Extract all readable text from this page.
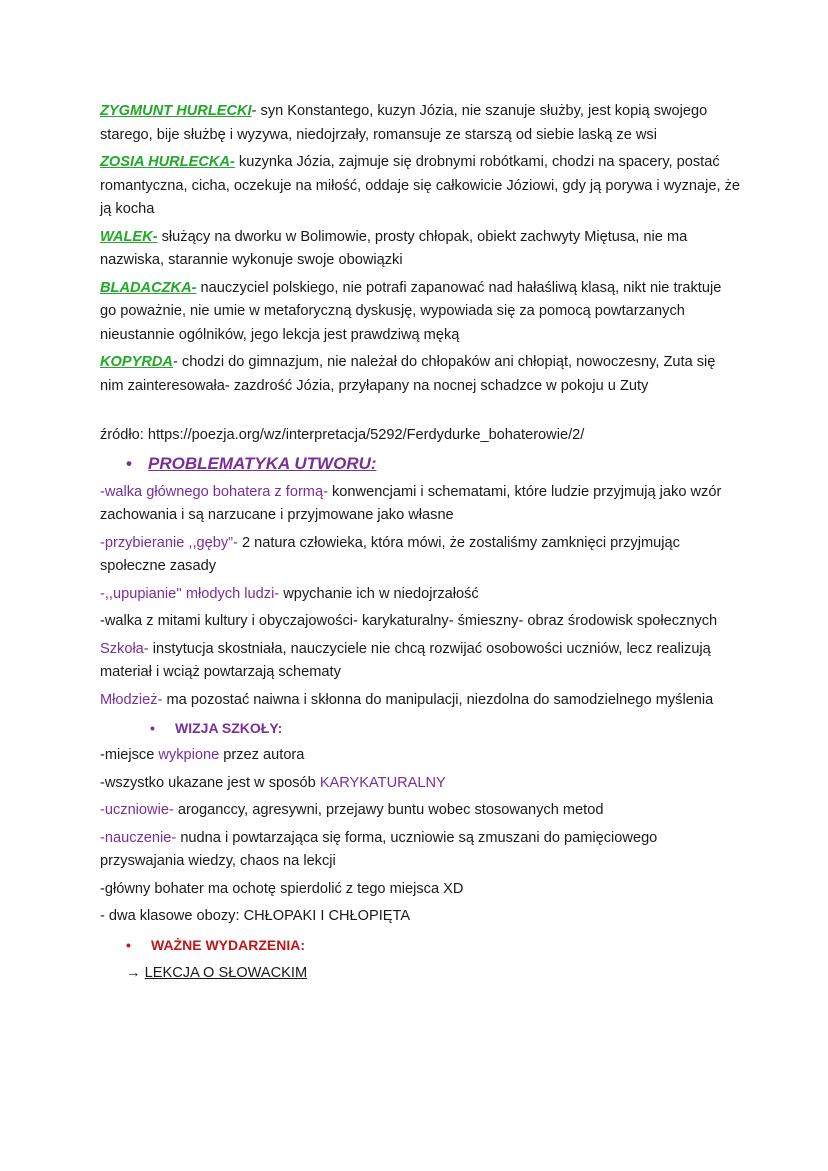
ZYGMUNT HURLECKI- syn Konstantego, kuzyn Józia, nie szanuje służby, jest kopią swojego starego, bije służbę i wyzywa, niedojrzały, romansuje ze starszą od siebie laską ze wsi

ZOSIA HURLECKA- kuzynka Józia, zajmuje się drobnymi robótkami, chodzi na spacery, postać romantyczna, cicha, oczekuje na miłość, oddaje się całkowicie Józiowi, gdy ją porywa i wyznaje, że ją kocha

WALEK- służący na dworku w Bolimowie, prosty chłopak, obiekt zachwyty Miętusa, nie ma nazwiska, starannie wykonuje swoje obowiązki

BLADACZKA- nauczyciel polskiego, nie potrafi zapanować nad hałaśliwą klasą, nikt nie traktuje go poważnie, nie umie w metaforyczną dyskusję, wypowiada się za pomocą powtarzanych nieustannie ogólników, jego lekcja jest prawdziwą męką

KOPYRDA- chodzi do gimnazjum, nie należał do chłopaków ani chłopiąt, nowoczesny, Zuta się nim zainteresowała- zazdrość Józia, przyłapany na nocnej schadzce w pokoju u Zuty

źródło: https://poezja.org/wz/interpretacja/5292/Ferdydurke_bohaterowie/2/

• PROBLEMATYKA UTWORU:

-walka głównego bohatera z formą- konwencjami i schematami, które ludzie przyjmują jako wzór zachowania i są narzucane i przyjmowane jako własne

-przybieranie ,,gęby”- 2 natura człowieka, która mówi, że zostaliśmy zamknięci przyjmując społeczne zasady

-,,upupianie'' młodych ludzi- wpychanie ich w niedojrzałość

-walka z mitami kultury i obyczajowości- karykaturalny- śmieszny- obraz środowisk społecznych

Szkoła- instytucja skostniała, nauczyciele nie chcą rozwijać osobowości uczniów, lecz realizują materiał i wciąż powtarzają schematy

Młodzież- ma pozostać naiwna i skłonna do manipulacji, niezdolna do samodzielnego myślenia

• WIZJA SZKOŁY:

-miejsce wykpione przez autora

-wszystko ukazane jest w sposób KARYKATURALNY

-uczniowie- aroganccy, agresywni, przejawy buntu wobec stosowanych metod

-nauczenie- nudna i powtarzająca się forma, uczniowie są zmuszani do pamięciowego przyswajania wiedzy, chaos na lekcji

-główny bohater ma ochotę spierdolić z tego miejsca XD

- dwa klasowe obozy: CHŁOPAKI I CHŁOPIĘTA

• WAŻNE WYDARZENIA:

→ LEKCJA O SŁOWACKIM
